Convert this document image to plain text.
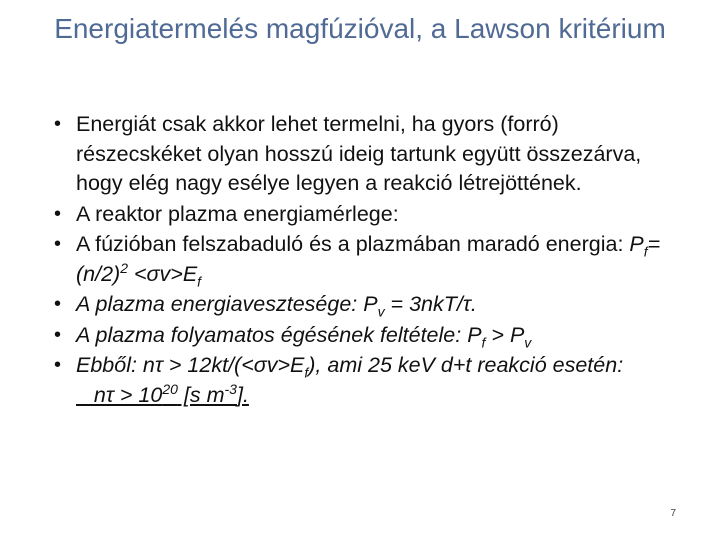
Energiatermelés magfúzióval, a Lawson kritérium
• Energiát csak akkor lehet termelni, ha gyors (forró) részecskéket olyan hosszú ideig tartunk együtt összezárva, hogy elég nagy esélye legyen a reakció létrejöttének.
• A reaktor plazma energiamérlege:
• A fúzióban felszabaduló és a plazmában maradó energia: $P_f=(n/2)^2 <\sigma v>E_f$
• A plazma energiavesztesége: $P_v = 3nkT/\tau$.
• A plazma folyamatos égésének feltétele: $P_f > P_v$
• Ebből: $n\tau > 12kt/(<\sigma v>E_f)$, ami 25 keV d+t reakció esetén:   $n\tau > 10^{20}$ [s $m^{-3}$].
7
